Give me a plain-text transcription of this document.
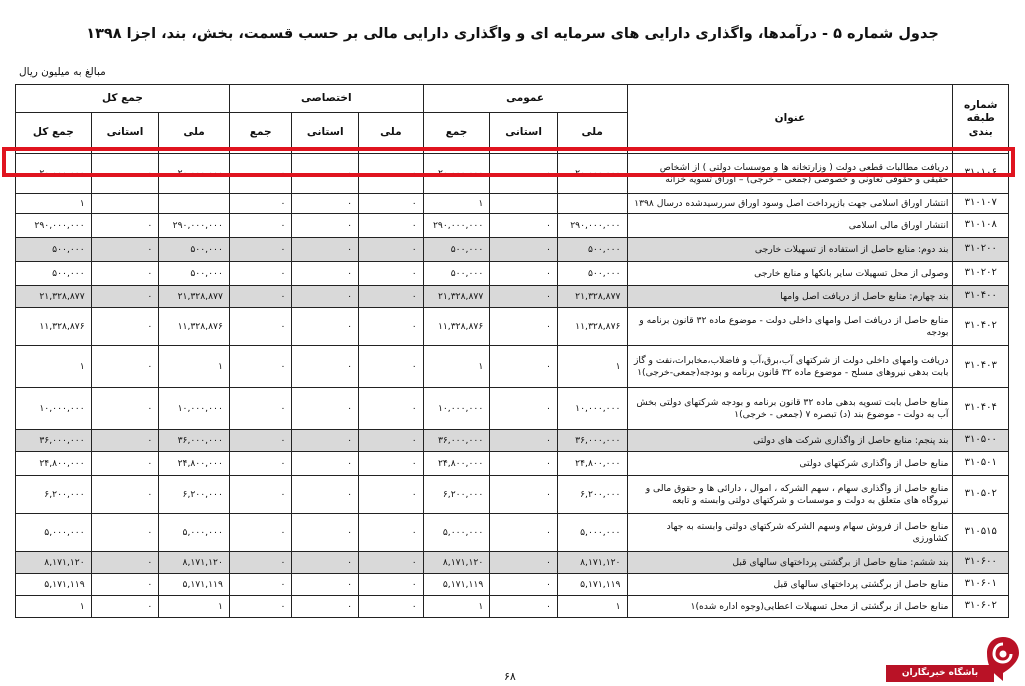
جدول شماره ۵ - درآمدها، واگذاری دارایی های سرمایه ای و واگذاری دارایی مالی بر حسب قسمت، بخش، بند، اجزا ۱۳۹۸
مبالغ به میلیون ریال
جمع کل			اختصاصی			عمومی			عنوان	شماره طبقه بندی
جمع کل	استانی	ملی	جمع	استانی	ملی	جمع	استانی	ملی		
۲۰,۰۰۰,۰۰۰	۰	۲۰,۰۰۰,۰۰۰	۰	۰	۰	۲۰,۰۰۰,۰۰۰	۰	۲۰,۰۰۰,۰۰۰	دریافت مطالبات قطعی دولت ( وزارتخانه ها و موسسات دولتی ) از اشخاص حقیقی و حقوقی تعاونی و خصوصی (جمعی – خرجی) – اوراق تسویه خزانه	۳۱۰۱۰۶
۱			۰	۰	۰	۱			انتشار اوراق اسلامی جهت بازپرداخت اصل وسود اوراق سررسیدشده درسال ۱۳۹۸	۳۱۰۱۰۷
۲۹۰,۰۰۰,۰۰۰	۰	۲۹۰,۰۰۰,۰۰۰	۰	۰	۰	۲۹۰,۰۰۰,۰۰۰	۰	۲۹۰,۰۰۰,۰۰۰	انتشار اوراق مالی اسلامی	۳۱۰۱۰۸
۵۰۰,۰۰۰	۰	۵۰۰,۰۰۰	۰	۰	۰	۵۰۰,۰۰۰	۰	۵۰۰,۰۰۰	بند دوم: منابع حاصل از استفاده از تسهیلات خارجی	۳۱۰۲۰۰
۵۰۰,۰۰۰	۰	۵۰۰,۰۰۰	۰	۰	۰	۵۰۰,۰۰۰	۰	۵۰۰,۰۰۰	وصولی از محل تسهیلات سایر بانکها و منابع خارجی	۳۱۰۲۰۲
۲۱,۳۲۸,۸۷۷	۰	۲۱,۳۲۸,۸۷۷	۰	۰	۰	۲۱,۳۲۸,۸۷۷	۰	۲۱,۳۲۸,۸۷۷	بند چهارم: منابع حاصل از دریافت اصل وامها	۳۱۰۴۰۰
۱۱,۳۲۸,۸۷۶	۰	۱۱,۳۲۸,۸۷۶	۰	۰	۰	۱۱,۳۲۸,۸۷۶	۰	۱۱,۳۲۸,۸۷۶	منابع حاصل از دریافت اصل وامهای داخلی دولت - موضوع ماده ۳۲ قانون برنامه و بودجه	۳۱۰۴۰۲
۱	۰	۱	۰	۰	۰	۱	۰	۱	دریافت وامهای داخلی دولت از شرکتهای آب،برق،آب و فاضلاب،مخابرات،نفت و گاز بابت بدهی نیروهای مسلح - موضوع ماده ۳۲ قانون برنامه و بودجه(جمعی-خرجی)۱	۳۱۰۴۰۳
۱۰,۰۰۰,۰۰۰	۰	۱۰,۰۰۰,۰۰۰	۰	۰	۰	۱۰,۰۰۰,۰۰۰	۰	۱۰,۰۰۰,۰۰۰	منابع حاصل بابت تسویه بدهی ماده ۳۲ قانون برنامه و بودجه شرکتهای دولتی بخش آب به دولت - موضوع بند (د) تبصره ۷ (جمعی - خرجی)۱	۳۱۰۴۰۴
۳۶,۰۰۰,۰۰۰	۰	۳۶,۰۰۰,۰۰۰	۰	۰	۰	۳۶,۰۰۰,۰۰۰	۰	۳۶,۰۰۰,۰۰۰	بند پنجم: منابع حاصل از واگذاری شرکت های دولتی	۳۱۰۵۰۰
۲۴,۸۰۰,۰۰۰	۰	۲۴,۸۰۰,۰۰۰	۰	۰	۰	۲۴,۸۰۰,۰۰۰	۰	۲۴,۸۰۰,۰۰۰	منابع حاصل از واگذاری شرکتهای دولتی	۳۱۰۵۰۱
۶,۲۰۰,۰۰۰	۰	۶,۲۰۰,۰۰۰	۰	۰	۰	۶,۲۰۰,۰۰۰	۰	۶,۲۰۰,۰۰۰	منابع حاصل از واگذاری سهام ، سهم الشرکه ، اموال ، دارائی ها و حقوق مالی و نیروگاه های متعلق به دولت و موسسات و شرکتهای دولتی وابسته و تابعه	۳۱۰۵۰۲
۵,۰۰۰,۰۰۰	۰	۵,۰۰۰,۰۰۰	۰	۰	۰	۵,۰۰۰,۰۰۰	۰	۵,۰۰۰,۰۰۰	منابع حاصل از فروش سهام وسهم الشرکه شرکتهای دولتی وابسته به جهاد کشاورزی	۳۱۰۵۱۵
۸,۱۷۱,۱۲۰	۰	۸,۱۷۱,۱۲۰	۰	۰	۰	۸,۱۷۱,۱۲۰	۰	۸,۱۷۱,۱۲۰	بند ششم: منابع حاصل از برگشتی پرداختهای سالهای قبل	۳۱۰۶۰۰
۵,۱۷۱,۱۱۹	۰	۵,۱۷۱,۱۱۹	۰	۰	۰	۵,۱۷۱,۱۱۹	۰	۵,۱۷۱,۱۱۹	منابع حاصل از برگشتی پرداختهای سالهای قبل	۳۱۰۶۰۱
۱	۰	۱	۰	۰	۰	۱	۰	۱	منابع حاصل از برگشتی از محل تسهیلات اعطایی(وجوه اداره شده)۱	۳۱۰۶۰۲
۶۸	باشگاه خبرنگاران
